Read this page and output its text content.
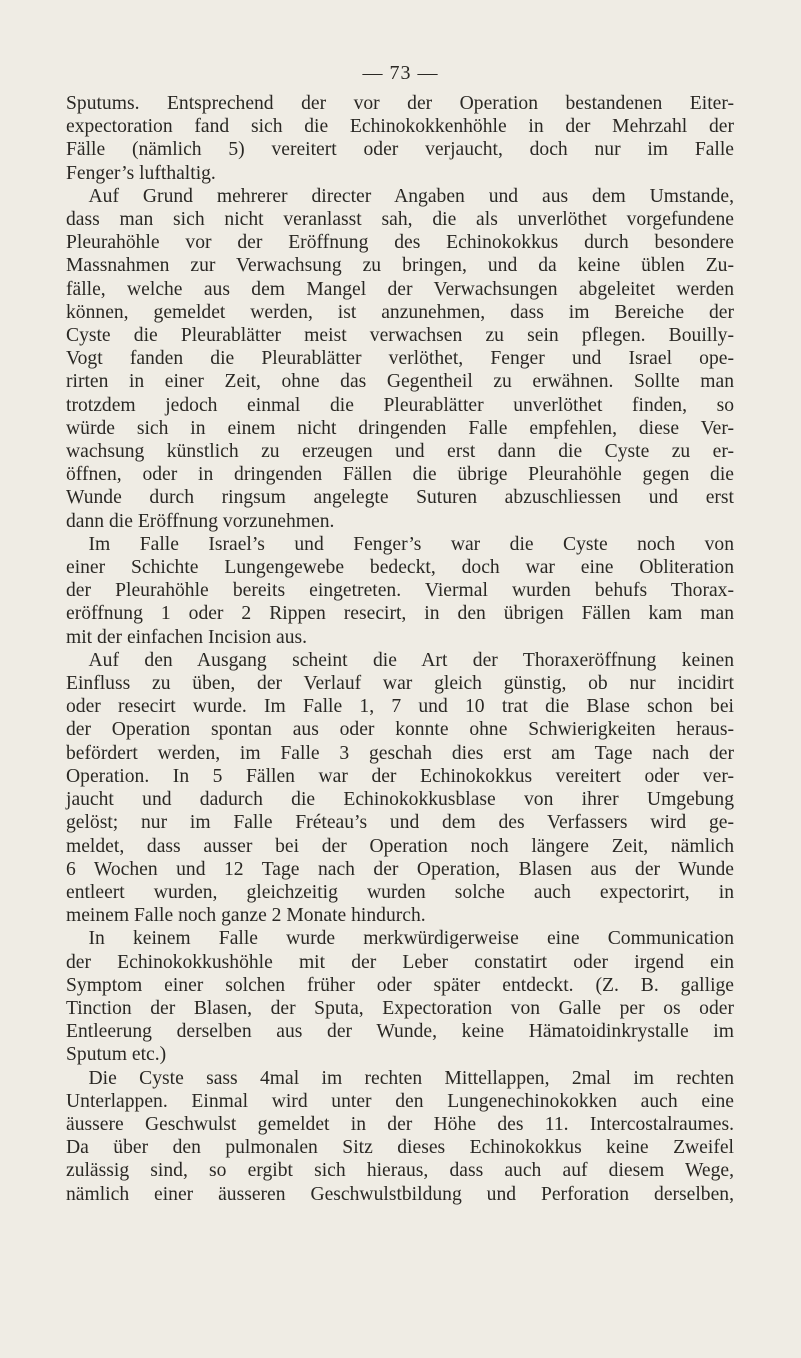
— 73 —

Sputums. Entsprechend der vor der Operation bestandenen Eiter-
expectoration fand sich die Echinokokkenhöhle in der Mehrzahl der
Fälle (nämlich 5) vereitert oder verjaucht, doch nur im Falle
Fenger’s lufthaltig.

Auf Grund mehrerer directer Angaben und aus dem Umstande,
dass man sich nicht veranlasst sah, die als unverlöthet vorgefundene
Pleurahöhle vor der Eröffnung des Echinokokkus durch besondere
Massnahmen zur Verwachsung zu bringen, und da keine üblen Zu-
fälle, welche aus dem Mangel der Verwachsungen abgeleitet werden
können, gemeldet werden, ist anzunehmen, dass im Bereiche der
Cyste die Pleurablätter meist verwachsen zu sein pflegen. Bouilly-
Vogt fanden die Pleurablätter verlöthet, Fenger und Israel ope-
rirten in einer Zeit, ohne das Gegentheil zu erwähnen. Sollte man
trotzdem jedoch einmal die Pleurablätter unverlöthet finden, so
würde sich in einem nicht dringenden Falle empfehlen, diese Ver-
wachsung künstlich zu erzeugen und erst dann die Cyste zu er-
öffnen, oder in dringenden Fällen die übrige Pleurahöhle gegen die
Wunde durch ringsum angelegte Suturen abzuschliessen und erst
dann die Eröffnung vorzunehmen.

Im Falle Israel’s und Fenger’s war die Cyste noch von
einer Schichte Lungengewebe bedeckt, doch war eine Obliteration
der Pleurahöhle bereits eingetreten. Viermal wurden behufs Thorax-
eröffnung 1 oder 2 Rippen resecirt, in den übrigen Fällen kam man
mit der einfachen Incision aus.

Auf den Ausgang scheint die Art der Thoraxeröffnung keinen
Einfluss zu üben, der Verlauf war gleich günstig, ob nur incidirt
oder resecirt wurde. Im Falle 1, 7 und 10 trat die Blase schon bei
der Operation spontan aus oder konnte ohne Schwierigkeiten heraus-
befördert werden, im Falle 3 geschah dies erst am Tage nach der
Operation. In 5 Fällen war der Echinokokkus vereitert oder ver-
jaucht und dadurch die Echinokokkusblase von ihrer Umgebung
gelöst; nur im Falle Fréteau’s und dem des Verfassers wird ge-
meldet, dass ausser bei der Operation noch längere Zeit, nämlich
6 Wochen und 12 Tage nach der Operation, Blasen aus der Wunde
entleert wurden, gleichzeitig wurden solche auch expectorirt, in
meinem Falle noch ganze 2 Monate hindurch.

In keinem Falle wurde merkwürdigerweise eine Communication
der Echinokokkushöhle mit der Leber constatirt oder irgend ein
Symptom einer solchen früher oder später entdeckt. (Z. B. gallige
Tinction der Blasen, der Sputa, Expectoration von Galle per os oder
Entleerung derselben aus der Wunde, keine Hämatoidinkrystalle im
Sputum etc.)

Die Cyste sass 4mal im rechten Mittellappen, 2mal im rechten
Unterlappen. Einmal wird unter den Lungenechinokokken auch eine
äussere Geschwulst gemeldet in der Höhe des 11. Intercostalraumes.
Da über den pulmonalen Sitz dieses Echinokokkus keine Zweifel
zulässig sind, so ergibt sich hieraus, dass auch auf diesem Wege,
nämlich einer äusseren Geschwulstbildung und Perforation derselben,
